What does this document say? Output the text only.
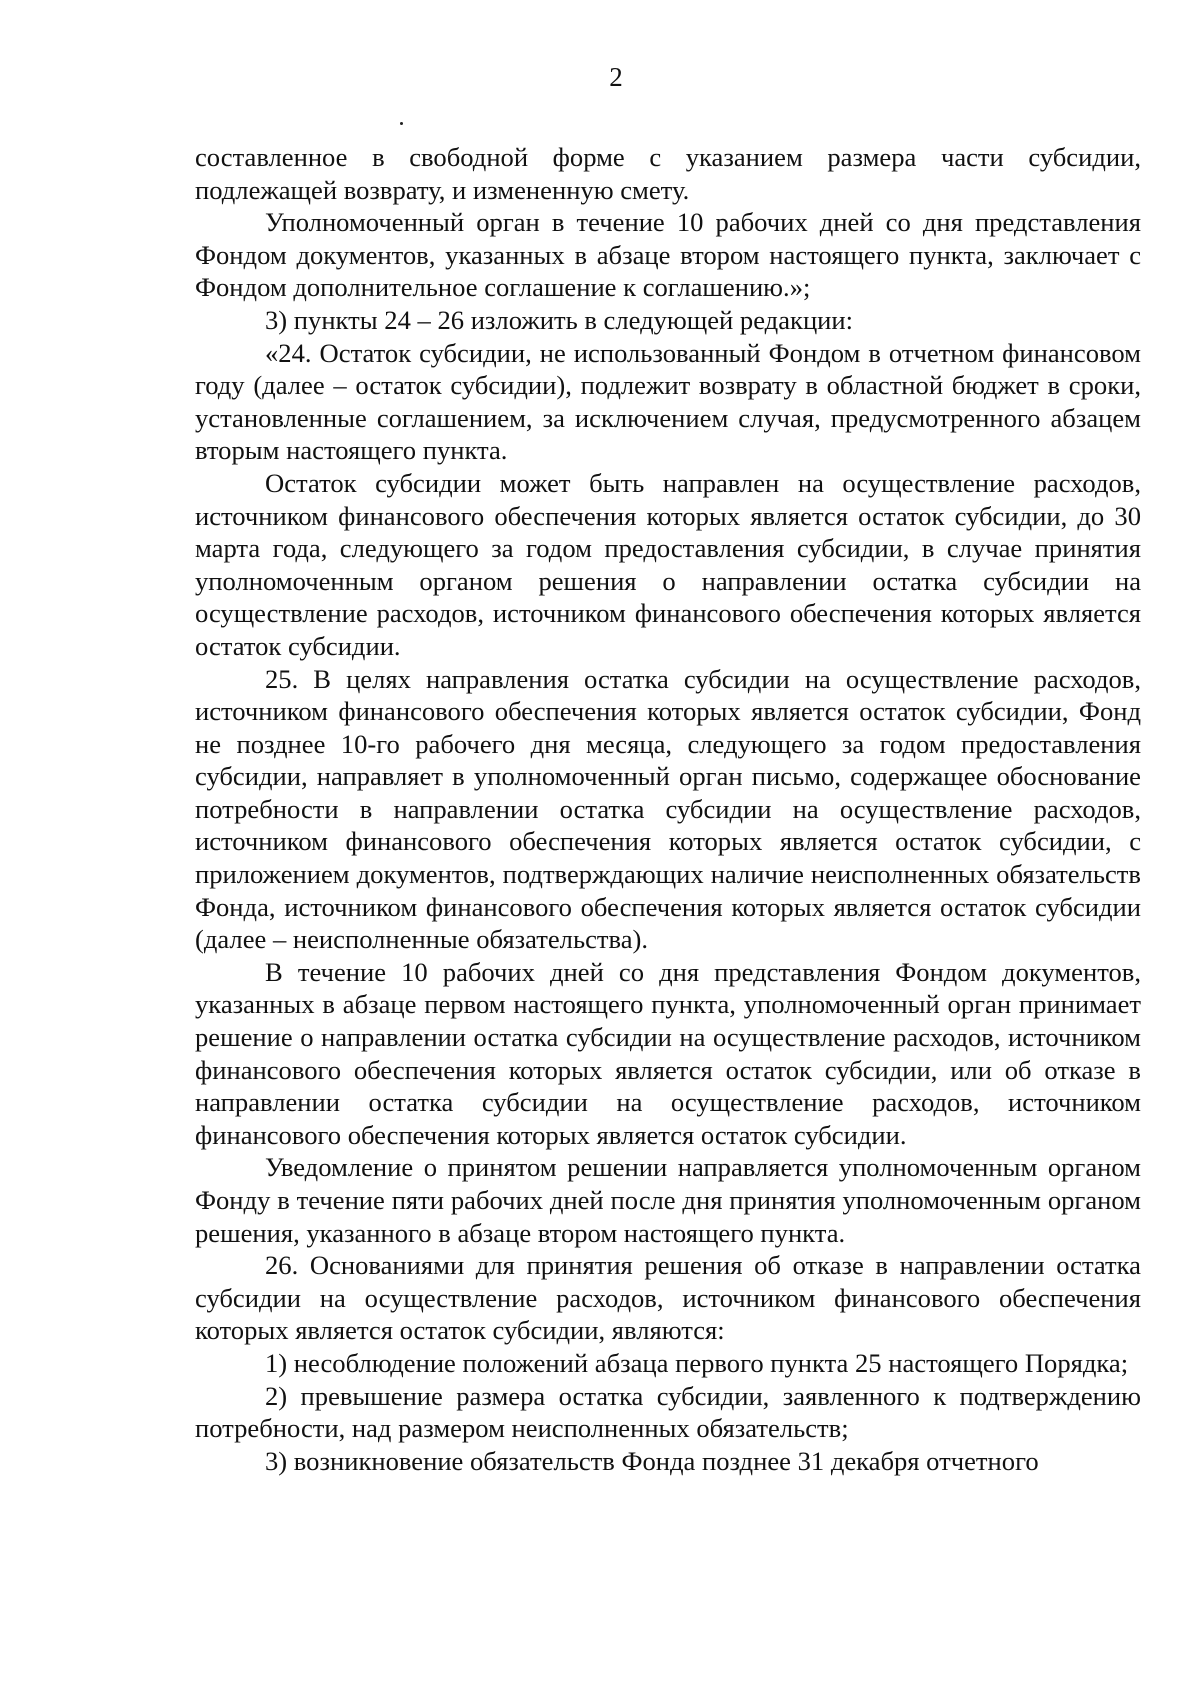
2

составленное в свободной форме с указанием размера части субсидии, подлежащей возврату, и измененную смету.

Уполномоченный орган в течение 10 рабочих дней со дня представления Фондом документов, указанных в абзаце втором настоящего пункта, заключает с Фондом дополнительное соглашение к соглашению.»;

3) пункты 24 – 26 изложить в следующей редакции:

«24. Остаток субсидии, не использованный Фондом в отчетном финансовом году (далее – остаток субсидии), подлежит возврату в областной бюджет в сроки, установленные соглашением, за исключением случая, предусмотренного абзацем вторым настоящего пункта.

Остаток субсидии может быть направлен на осуществление расходов, источником финансового обеспечения которых является остаток субсидии, до 30 марта года, следующего за годом предоставления субсидии, в случае принятия уполномоченным органом решения о направлении остатка субсидии на осуществление расходов, источником финансового обеспечения которых является остаток субсидии.

25. В целях направления остатка субсидии на осуществление расходов, источником финансового обеспечения которых является остаток субсидии, Фонд не позднее 10-го рабочего дня месяца, следующего за годом предоставления субсидии, направляет в уполномоченный орган письмо, содержащее обоснование потребности в направлении остатка субсидии на осуществление расходов, источником финансового обеспечения которых является остаток субсидии, с приложением документов, подтверждающих наличие неисполненных обязательств Фонда, источником финансового обеспечения которых является остаток субсидии (далее – неисполненные обязательства).

В течение 10 рабочих дней со дня представления Фондом документов, указанных в абзаце первом настоящего пункта, уполномоченный орган принимает решение о направлении остатка субсидии на осуществление расходов, источником финансового обеспечения которых является остаток субсидии, или об отказе в направлении остатка субсидии на осуществление расходов, источником финансового обеспечения которых является остаток субсидии.

Уведомление о принятом решении направляется уполномоченным органом Фонду в течение пяти рабочих дней после дня принятия уполномоченным органом решения, указанного в абзаце втором настоящего пункта.

26. Основаниями для принятия решения об отказе в направлении остатка субсидии на осуществление расходов, источником финансового обеспечения которых является остаток субсидии, являются:

1) несоблюдение положений абзаца первого пункта 25 настоящего Порядка;

2) превышение размера остатка субсидии, заявленного к подтверждению потребности, над размером неисполненных обязательств;

3) возникновение обязательств Фонда позднее 31 декабря отчетного
